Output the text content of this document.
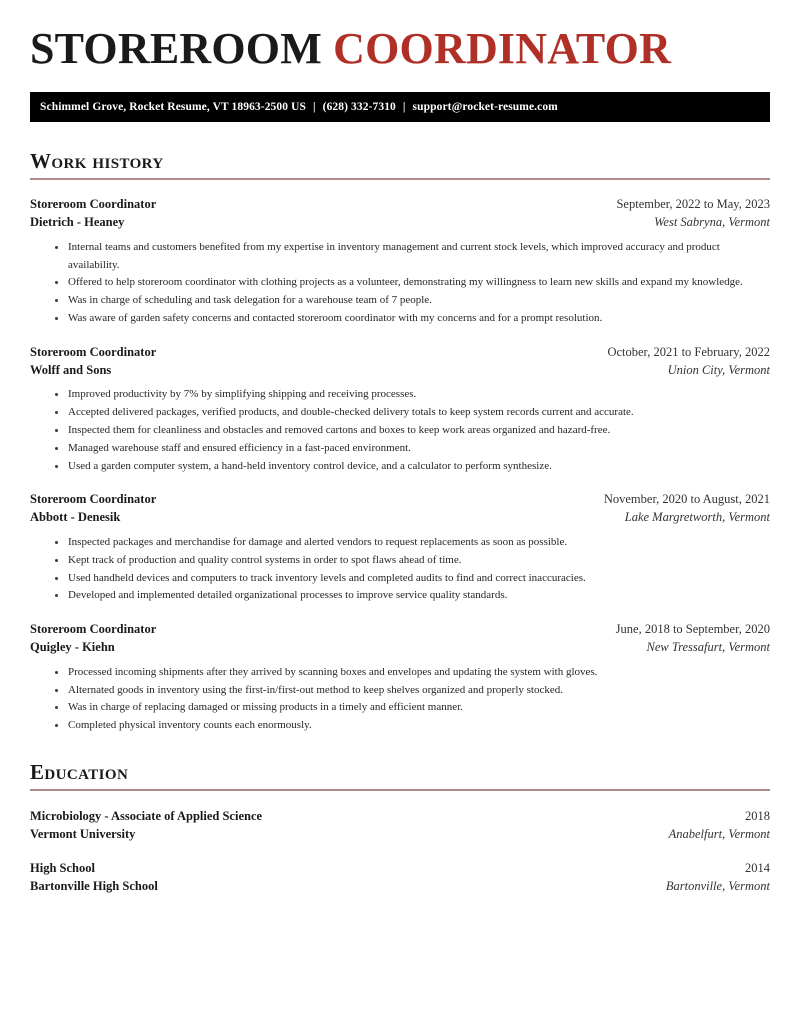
STOREROOM COORDINATOR
Schimmel Grove, Rocket Resume, VT 18963-2500 US | (628) 332-7310 | support@rocket-resume.com
Work history
Storeroom Coordinator	September, 2022 to May, 2023
Dietrich - Heaney	West Sabryna, Vermont
Internal teams and customers benefited from my expertise in inventory management and current stock levels, which improved accuracy and product availability.
Offered to help storeroom coordinator with clothing projects as a volunteer, demonstrating my willingness to learn new skills and expand my knowledge.
Was in charge of scheduling and task delegation for a warehouse team of 7 people.
Was aware of garden safety concerns and contacted storeroom coordinator with my concerns and for a prompt resolution.
Storeroom Coordinator	October, 2021 to February, 2022
Wolff and Sons	Union City, Vermont
Improved productivity by 7% by simplifying shipping and receiving processes.
Accepted delivered packages, verified products, and double-checked delivery totals to keep system records current and accurate.
Inspected them for cleanliness and obstacles and removed cartons and boxes to keep work areas organized and hazard-free.
Managed warehouse staff and ensured efficiency in a fast-paced environment.
Used a garden computer system, a hand-held inventory control device, and a calculator to perform synthesize.
Storeroom Coordinator	November, 2020 to August, 2021
Abbott - Denesik	Lake Margretworth, Vermont
Inspected packages and merchandise for damage and alerted vendors to request replacements as soon as possible.
Kept track of production and quality control systems in order to spot flaws ahead of time.
Used handheld devices and computers to track inventory levels and completed audits to find and correct inaccuracies.
Developed and implemented detailed organizational processes to improve service quality standards.
Storeroom Coordinator	June, 2018 to September, 2020
Quigley - Kiehn	New Tressafurt, Vermont
Processed incoming shipments after they arrived by scanning boxes and envelopes and updating the system with gloves.
Alternated goods in inventory using the first-in/first-out method to keep shelves organized and properly stocked.
Was in charge of replacing damaged or missing products in a timely and efficient manner.
Completed physical inventory counts each enormously.
Education
Microbiology - Associate of Applied Science	2018
Vermont University	Anabelfurt, Vermont
High School	2014
Bartonville High School	Bartonville, Vermont
